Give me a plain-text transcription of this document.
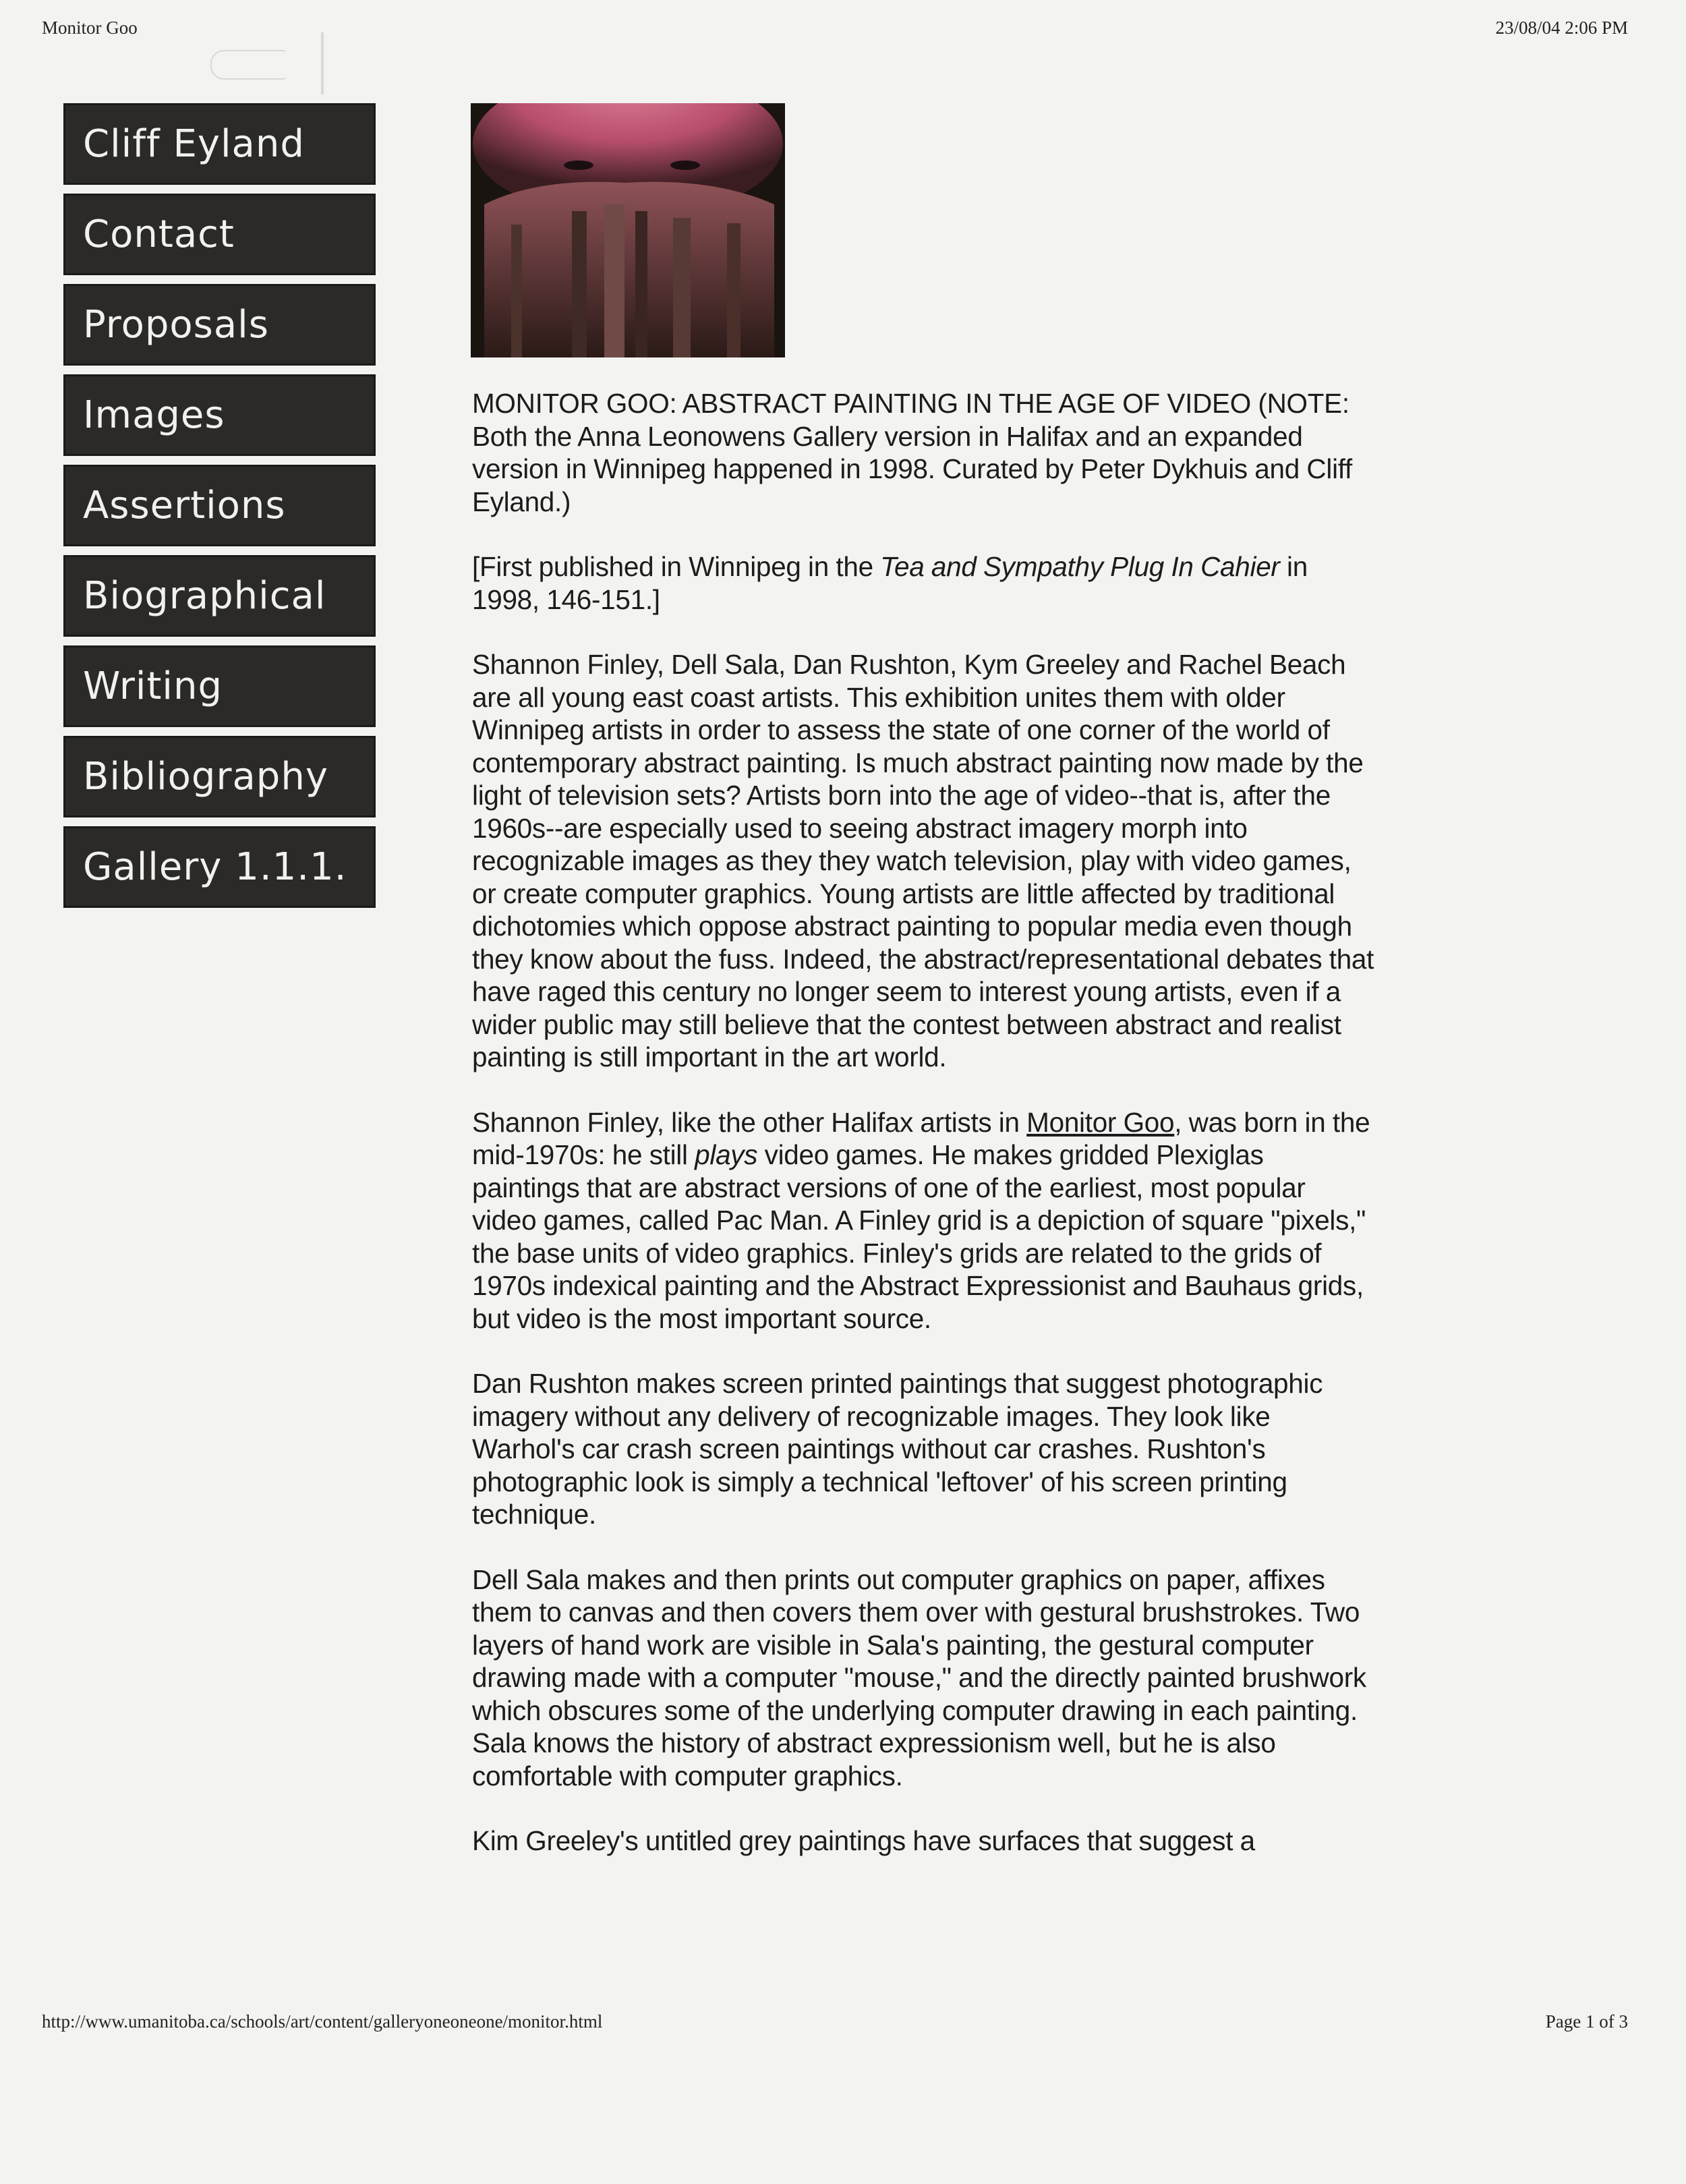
Monitor Goo	23/08/04 2:06 PM
Cliff Eyland
Contact
Proposals
Images
Assertions
Biographical
Writing
Bibliography
Gallery 1.1.1.

MONITOR GOO: ABSTRACT PAINTING IN THE AGE OF VIDEO (NOTE: Both the Anna Leonowens Gallery version in Halifax and an expanded version in Winnipeg happened in 1998. Curated by Peter Dykhuis and Cliff Eyland.)

[First published in Winnipeg in the Tea and Sympathy Plug In Cahier in 1998, 146-151.]

Shannon Finley, Dell Sala, Dan Rushton, Kym Greeley and Rachel Beach are all young east coast artists. This exhibition unites them with older Winnipeg artists in order to assess the state of one corner of the world of contemporary abstract painting. Is much abstract painting now made by the light of television sets? Artists born into the age of video--that is, after the 1960s--are especially used to seeing abstract imagery morph into recognizable images as they they watch television, play with video games, or create computer graphics. Young artists are little affected by traditional dichotomies which oppose abstract painting to popular media even though they know about the fuss. Indeed, the abstract/representational debates that have raged this century no longer seem to interest young artists, even if a wider public may still believe that the contest between abstract and realist painting is still important in the art world.

Shannon Finley, like the other Halifax artists in Monitor Goo, was born in the mid-1970s: he still plays video games. He makes gridded Plexiglas paintings that are abstract versions of one of the earliest, most popular video games, called Pac Man. A Finley grid is a depiction of square "pixels," the base units of video graphics. Finley's grids are related to the grids of 1970s indexical painting and the Abstract Expressionist and Bauhaus grids, but video is the most important source.

Dan Rushton makes screen printed paintings that suggest photographic imagery without any delivery of recognizable images. They look like Warhol's car crash screen paintings without car crashes. Rushton's photographic look is simply a technical 'leftover' of his screen printing technique.

Dell Sala makes and then prints out computer graphics on paper, affixes them to canvas and then covers them over with gestural brushstrokes. Two layers of hand work are visible in Sala's painting, the gestural computer drawing made with a computer "mouse," and the directly painted brushwork which obscures some of the underlying computer drawing in each painting. Sala knows the history of abstract expressionism well, but he is also comfortable with computer graphics.

Kim Greeley's untitled grey paintings have surfaces that suggest a

http://www.umanitoba.ca/schools/art/content/galleryoneoneone/monitor.html	Page 1 of 3
